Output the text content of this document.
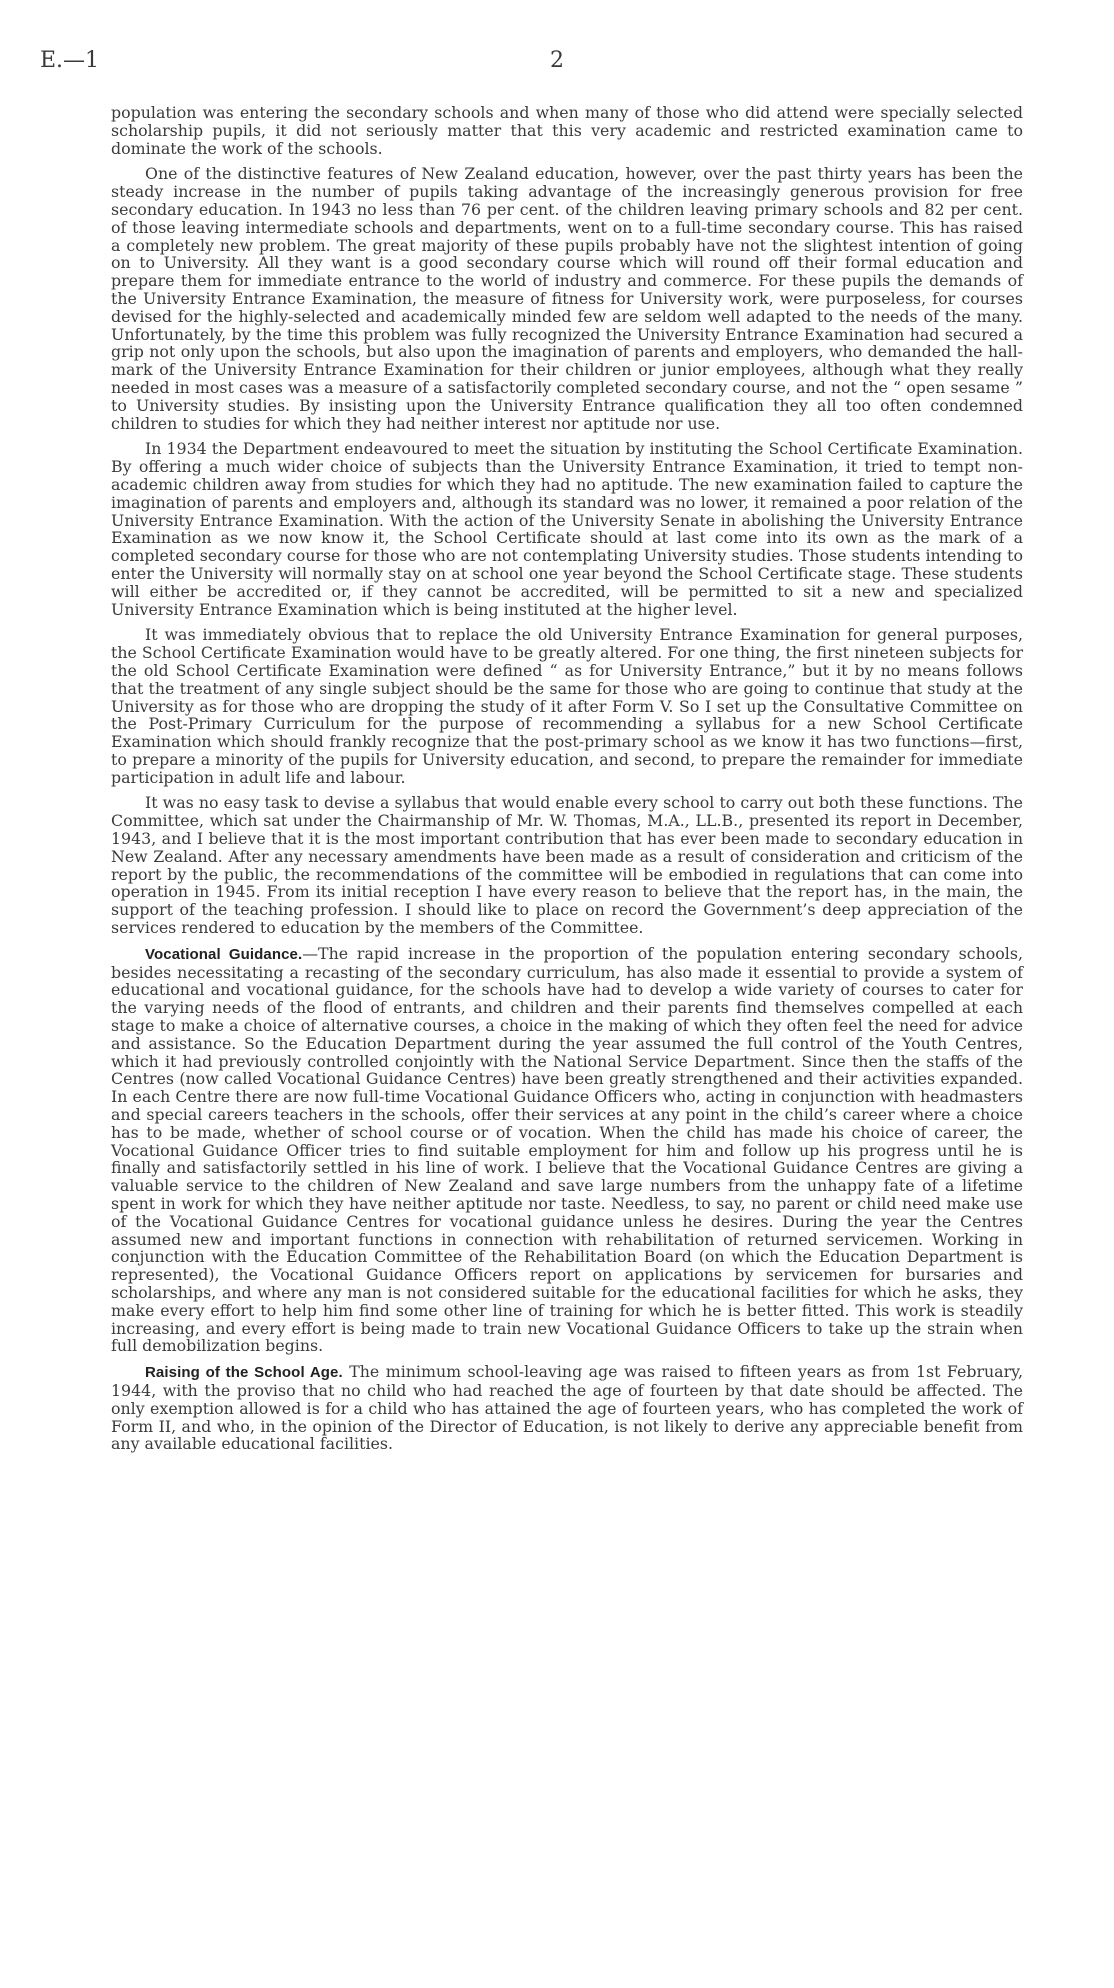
E.—1	2

population was entering the secondary schools and when many of those who did attend were specially selected scholarship pupils, it did not seriously matter that this very academic and restricted examination came to dominate the work of the schools.

One of the distinctive features of New Zealand education, however, over the past thirty years has been the steady increase in the number of pupils taking advantage of the increasingly generous provision for free secondary education. In 1943 no less than 76 per cent. of the children leaving primary schools and 82 per cent. of those leaving intermediate schools and departments, went on to a full-time secondary course. This has raised a completely new problem. The great majority of these pupils probably have not the slightest intention of going on to University. All they want is a good secondary course which will round off their formal education and prepare them for immediate entrance to the world of industry and commerce. For these pupils the demands of the University Entrance Examination, the measure of fitness for University work, were purposeless, for courses devised for the highly-selected and academically minded few are seldom well adapted to the needs of the many. Unfortunately, by the time this problem was fully recognized the University Entrance Examination had secured a grip not only upon the schools, but also upon the imagination of parents and employers, who demanded the hall-mark of the University Entrance Examination for their children or junior employees, although what they really needed in most cases was a measure of a satisfactorily completed secondary course, and not the “ open sesame ” to University studies. By insisting upon the University Entrance qualification they all too often condemned children to studies for which they had neither interest nor aptitude nor use.

In 1934 the Department endeavoured to meet the situation by instituting the School Certificate Examination. By offering a much wider choice of subjects than the University Entrance Examination, it tried to tempt non-academic children away from studies for which they had no aptitude. The new examination failed to capture the imagination of parents and employers and, although its standard was no lower, it remained a poor relation of the University Entrance Examination. With the action of the University Senate in abolishing the University Entrance Examination as we now know it, the School Certificate should at last come into its own as the mark of a completed secondary course for those who are not contemplating University studies. Those students intending to enter the University will normally stay on at school one year beyond the School Certificate stage. These students will either be accredited or, if they cannot be accredited, will be permitted to sit a new and specialized University Entrance Examination which is being instituted at the higher level.

It was immediately obvious that to replace the old University Entrance Examination for general purposes, the School Certificate Examination would have to be greatly altered. For one thing, the first nineteen subjects for the old School Certificate Examination were defined “ as for University Entrance,” but it by no means follows that the treatment of any single subject should be the same for those who are going to continue that study at the University as for those who are dropping the study of it after Form V. So I set up the Consultative Committee on the Post-Primary Curriculum for the purpose of recommending a syllabus for a new School Certificate Examination which should frankly recognize that the post-primary school as we know it has two functions—first, to prepare a minority of the pupils for University education, and second, to prepare the remainder for immediate participation in adult life and labour.

It was no easy task to devise a syllabus that would enable every school to carry out both these functions. The Committee, which sat under the Chairmanship of Mr. W. Thomas, M.A., LL.B., presented its report in December, 1943, and I believe that it is the most important contribution that has ever been made to secondary education in New Zealand. After any necessary amendments have been made as a result of consideration and criticism of the report by the public, the recommendations of the committee will be embodied in regulations that can come into operation in 1945. From its initial reception I have every reason to believe that the report has, in the main, the support of the teaching profession. I should like to place on record the Government’s deep appreciation of the services rendered to education by the members of the Committee.

Vocational Guidance.—The rapid increase in the proportion of the population entering secondary schools, besides necessitating a recasting of the secondary curriculum, has also made it essential to provide a system of educational and vocational guidance, for the schools have had to develop a wide variety of courses to cater for the varying needs of the flood of entrants, and children and their parents find themselves compelled at each stage to make a choice of alternative courses, a choice in the making of which they often feel the need for advice and assistance. So the Education Department during the year assumed the full control of the Youth Centres, which it had previously controlled conjointly with the National Service Department. Since then the staffs of the Centres (now called Vocational Guidance Centres) have been greatly strengthened and their activities expanded. In each Centre there are now full-time Vocational Guidance Officers who, acting in conjunction with headmasters and special careers teachers in the schools, offer their services at any point in the child’s career where a choice has to be made, whether of school course or of vocation. When the child has made his choice of career, the Vocational Guidance Officer tries to find suitable employment for him and follow up his progress until he is finally and satisfactorily settled in his line of work. I believe that the Vocational Guidance Centres are giving a valuable service to the children of New Zealand and save large numbers from the unhappy fate of a lifetime spent in work for which they have neither aptitude nor taste. Needless, to say, no parent or child need make use of the Vocational Guidance Centres for vocational guidance unless he desires. During the year the Centres assumed new and important functions in connection with rehabilitation of returned servicemen. Working in conjunction with the Education Committee of the Rehabilitation Board (on which the Education Department is represented), the Vocational Guidance Officers report on applications by servicemen for bursaries and scholarships, and where any man is not considered suitable for the educational facilities for which he asks, they make every effort to help him find some other line of training for which he is better fitted. This work is steadily increasing, and every effort is being made to train new Vocational Guidance Officers to take up the strain when full demobilization begins.

Raising of the School Age. The minimum school-leaving age was raised to fifteen years as from 1st February, 1944, with the proviso that no child who had reached the age of fourteen by that date should be affected. The only exemption allowed is for a child who has attained the age of fourteen years, who has completed the work of Form II, and who, in the opinion of the Director of Education, is not likely to derive any appreciable benefit from any available educational facilities.
